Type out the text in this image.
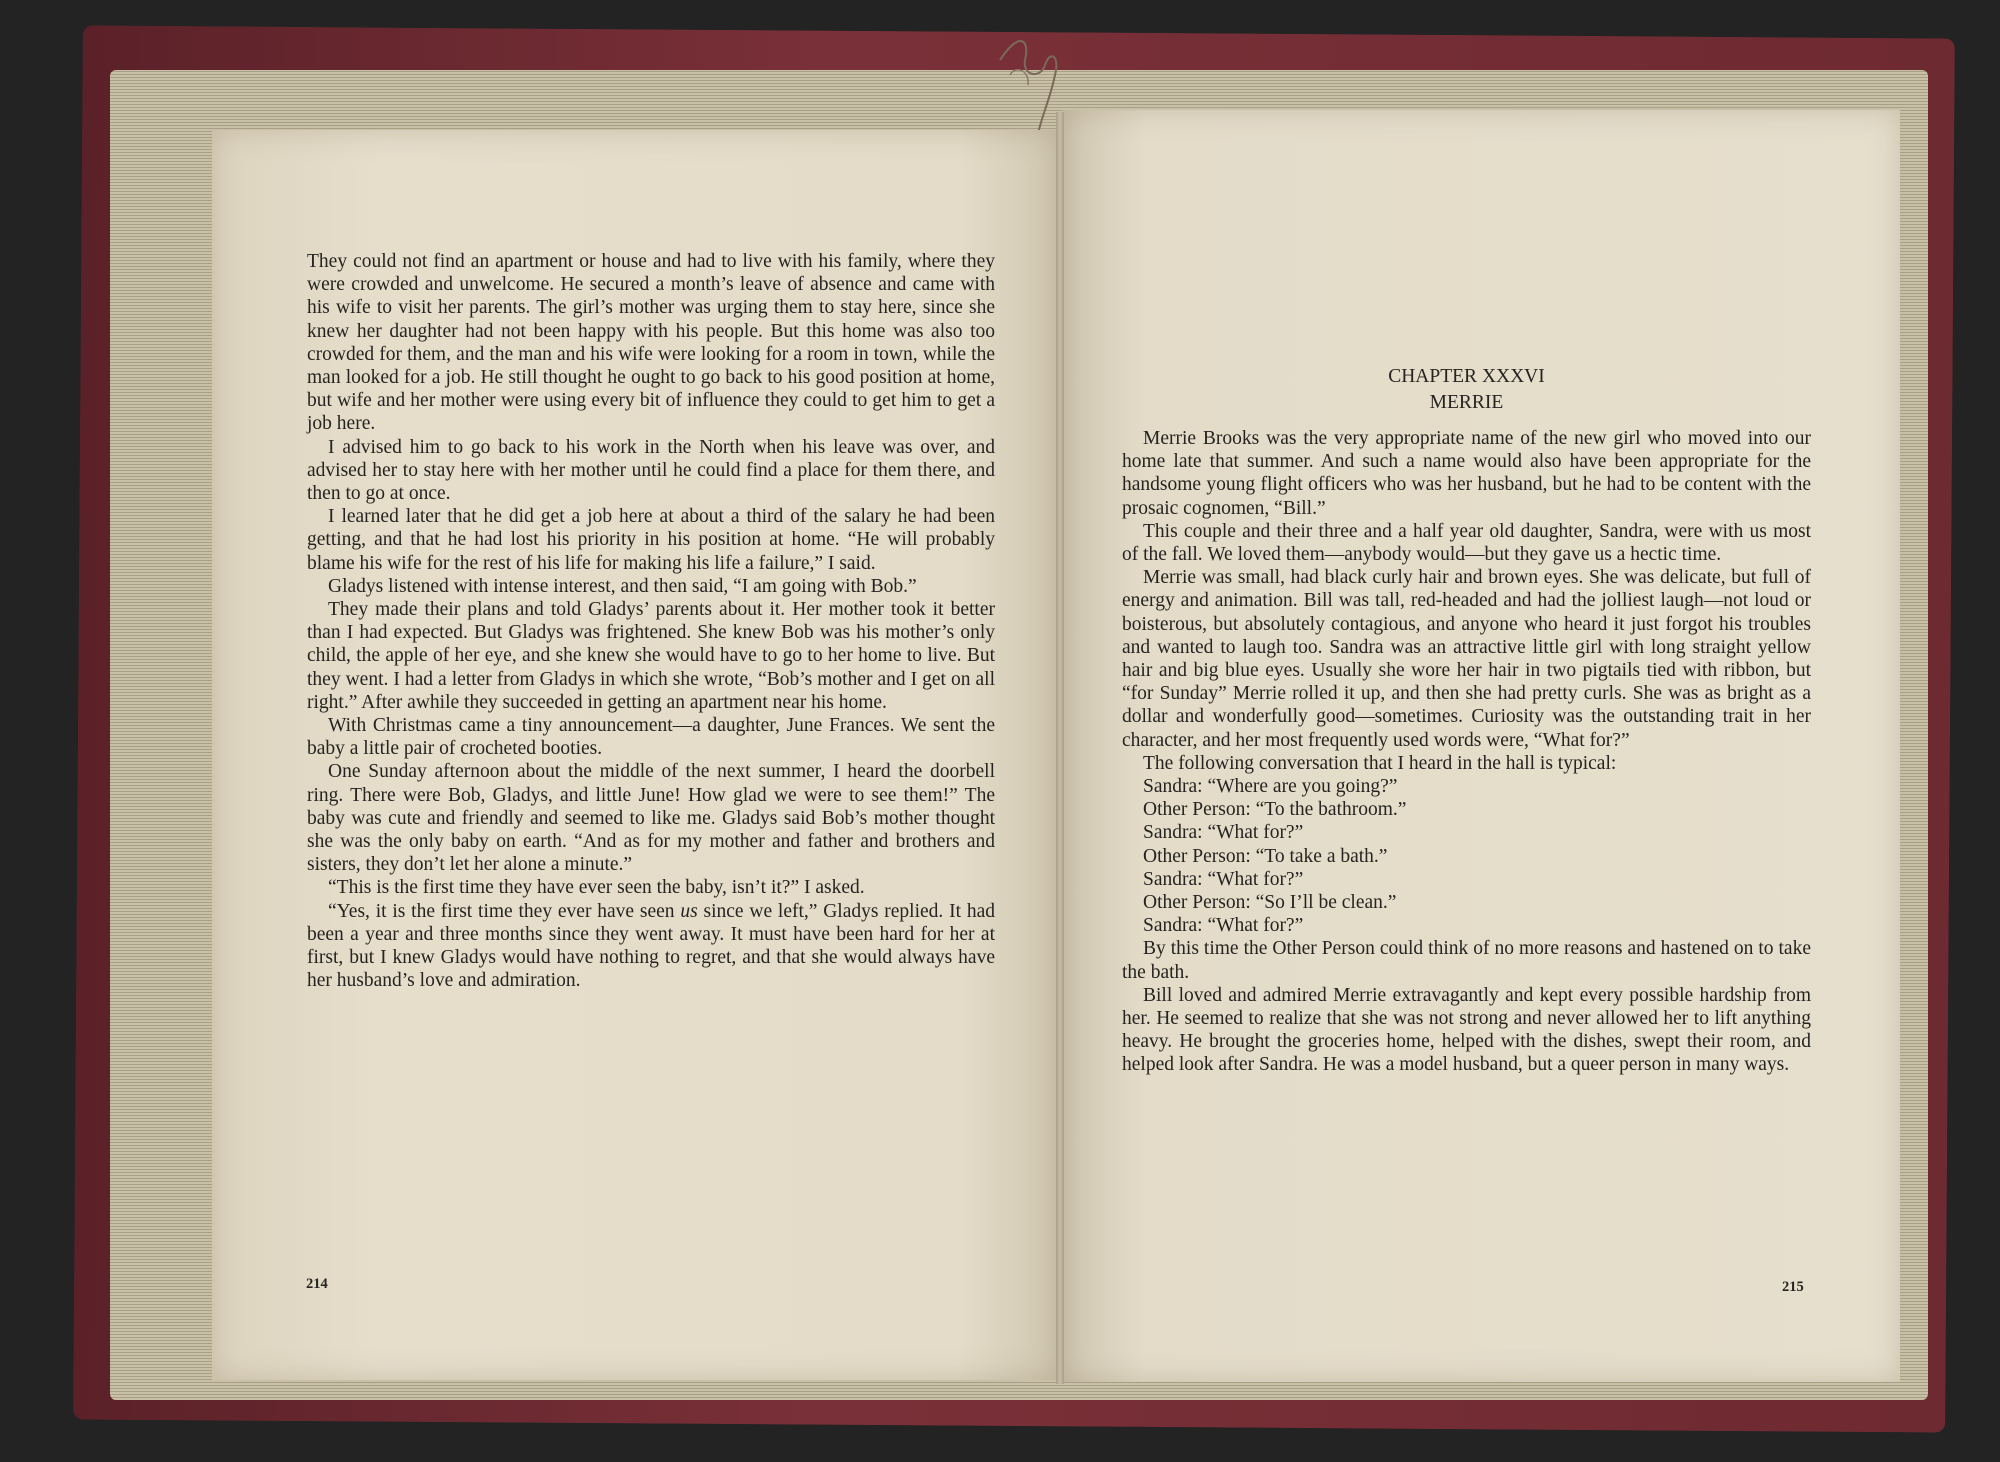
They could not find an apartment or house and had to live with his family, where they were crowded and unwelcome. He secured a month’s leave of absence and came with his wife to visit her parents. The girl’s mother was urging them to stay here, since she knew her daughter had not been happy with his people. But this home was also too crowded for them, and the man and his wife were looking for a room in town, while the man looked for a job. He still thought he ought to go back to his good position at home, but wife and her mother were using every bit of influence they could to get him to get a job here.

I advised him to go back to his work in the North when his leave was over, and advised her to stay here with her mother until he could find a place for them there, and then to go at once.

I learned later that he did get a job here at about a third of the salary he had been getting, and that he had lost his priority in his position at home. “He will probably blame his wife for the rest of his life for making his life a failure,” I said.

Gladys listened with intense interest, and then said, “I am going with Bob.”

They made their plans and told Gladys’ parents about it. Her mother took it better than I had expected. But Gladys was frightened. She knew Bob was his mother’s only child, the apple of her eye, and she knew she would have to go to her home to live. But they went. I had a letter from Gladys in which she wrote, “Bob’s mother and I get on all right.” After awhile they succeeded in getting an apartment near his home.

With Christmas came a tiny announcement—a daughter, June Frances. We sent the baby a little pair of crocheted booties.

One Sunday afternoon about the middle of the next summer, I heard the doorbell ring. There were Bob, Gladys, and little June! How glad we were to see them!” The baby was cute and friendly and seemed to like me. Gladys said Bob’s mother thought she was the only baby on earth. “And as for my mother and father and brothers and sisters, they don’t let her alone a minute.”

“This is the first time they have ever seen the baby, isn’t it?” I asked.

“Yes, it is the first time they ever have seen us since we left,” Gladys replied. It had been a year and three months since they went away. It must have been hard for her at first, but I knew Gladys would have nothing to regret, and that she would always have her husband’s love and admiration.

CHAPTER XXXVI
MERRIE

Merrie Brooks was the very appropriate name of the new girl who moved into our home late that summer. And such a name would also have been appropriate for the handsome young flight officers who was her husband, but he had to be content with the prosaic cognomen, “Bill.”

This couple and their three and a half year old daughter, Sandra, were with us most of the fall. We loved them—anybody would—but they gave us a hectic time.

Merrie was small, had black curly hair and brown eyes. She was delicate, but full of energy and animation. Bill was tall, red-headed and had the jolliest laugh—not loud or boisterous, but absolutely contagious, and anyone who heard it just forgot his troubles and wanted to laugh too. Sandra was an attractive little girl with long straight yellow hair and big blue eyes. Usually she wore her hair in two pigtails tied with ribbon, but “for Sunday” Merrie rolled it up, and then she had pretty curls. She was as bright as a dollar and wonderfully good—sometimes. Curiosity was the outstanding trait in her character, and her most frequently used words were, “What for?”

The following conversation that I heard in the hall is typical:

Sandra: “Where are you going?”

Other Person: “To the bathroom.”

Sandra: “What for?”

Other Person: “To take a bath.”

Sandra: “What for?”

Other Person: “So I’ll be clean.”

Sandra: “What for?”

By this time the Other Person could think of no more reasons and hastened on to take the bath.

Bill loved and admired Merrie extravagantly and kept every possible hardship from her. He seemed to realize that she was not strong and never allowed her to lift anything heavy. He brought the groceries home, helped with the dishes, swept their room, and helped look after Sandra. He was a model husband, but a queer person in many ways.

214	215
